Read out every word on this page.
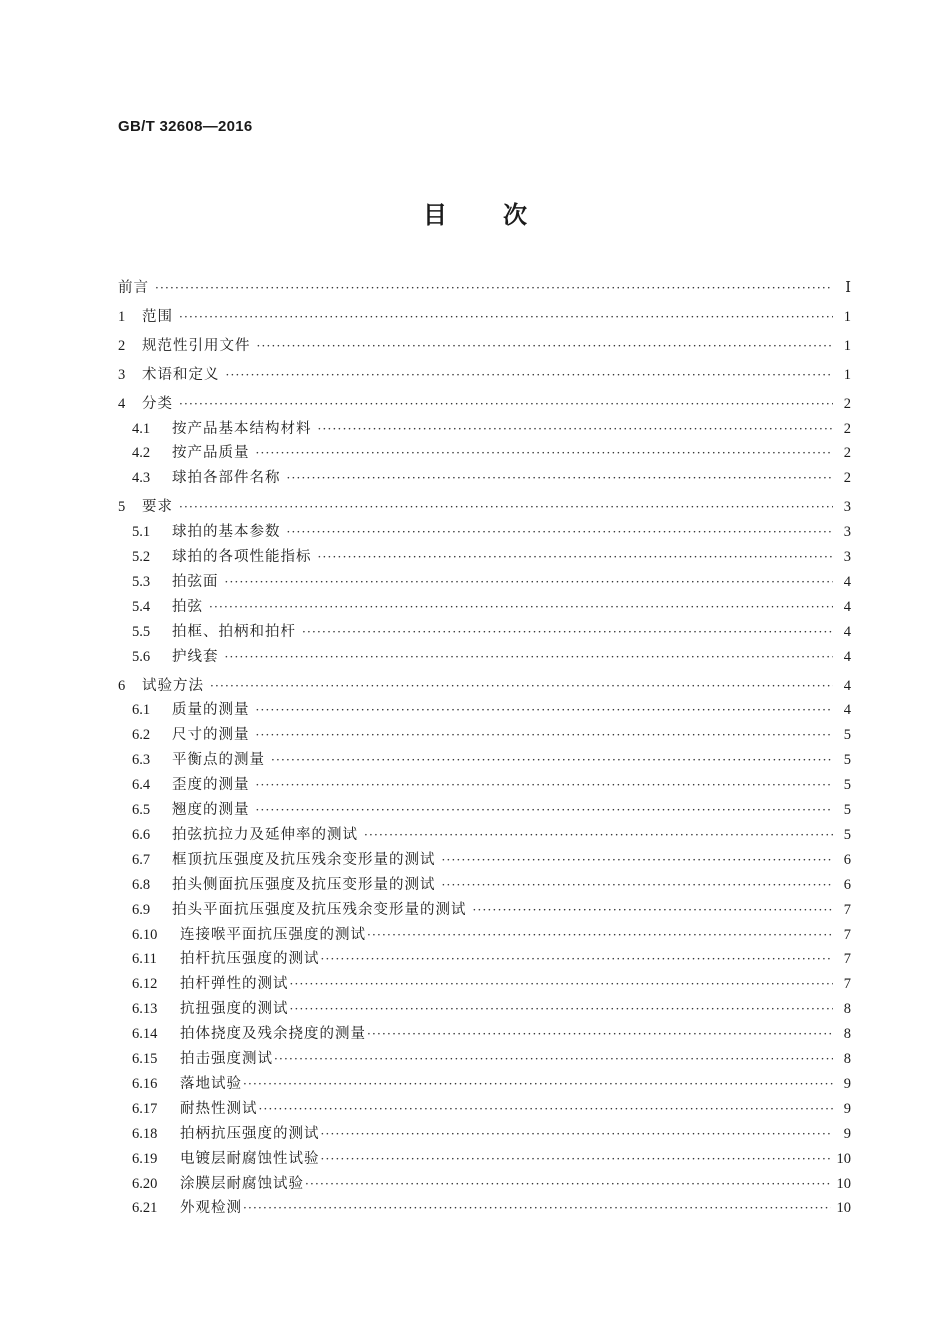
GB/T 32608—2016
目次
前言 ·····	Ⅰ
1	范围 ·····	1
2	规范性引用文件 ·····	1
3	术语和定义 ·····	1
4	分类 ·····	2
4.1	按产品基本结构材料 ·····	2
4.2	按产品质量 ·····	2
4.3	球拍各部件名称 ·····	2
5	要求 ·····	3
5.1	球拍的基本参数 ·····	3
5.2	球拍的各项性能指标 ·····	3
5.3	拍弦面 ·····	4
5.4	拍弦 ·····	4
5.5	拍框、拍柄和拍杆 ·····	4
5.6	护线套 ·····	4
6	试验方法 ·····	4
6.1	质量的测量 ·····	4
6.2	尺寸的测量 ·····	5
6.3	平衡点的测量 ·····	5
6.4	歪度的测量 ·····	5
6.5	翘度的测量 ·····	5
6.6	拍弦抗拉力及延伸率的测试 ·····	5
6.7	框顶抗压强度及抗压残余变形量的测试 ·····	6
6.8	拍头侧面抗压强度及抗压变形量的测试 ·····	6
6.9	拍头平面抗压强度及抗压残余变形量的测试 ·····	7
6.10	连接喉平面抗压强度的测试 ·····	7
6.11	拍杆抗压强度的测试 ·····	7
6.12	拍杆弹性的测试 ·····	7
6.13	抗扭强度的测试 ·····	8
6.14	拍体挠度及残余挠度的测量 ·····	8
6.15	拍击强度测试 ·····	8
6.16	落地试验 ·····	9
6.17	耐热性测试 ·····	9
6.18	拍柄抗压强度的测试 ·····	9
6.19	电镀层耐腐蚀性试验 ·····	10
6.20	涂膜层耐腐蚀试验 ·····	10
6.21	外观检测 ·····	10
